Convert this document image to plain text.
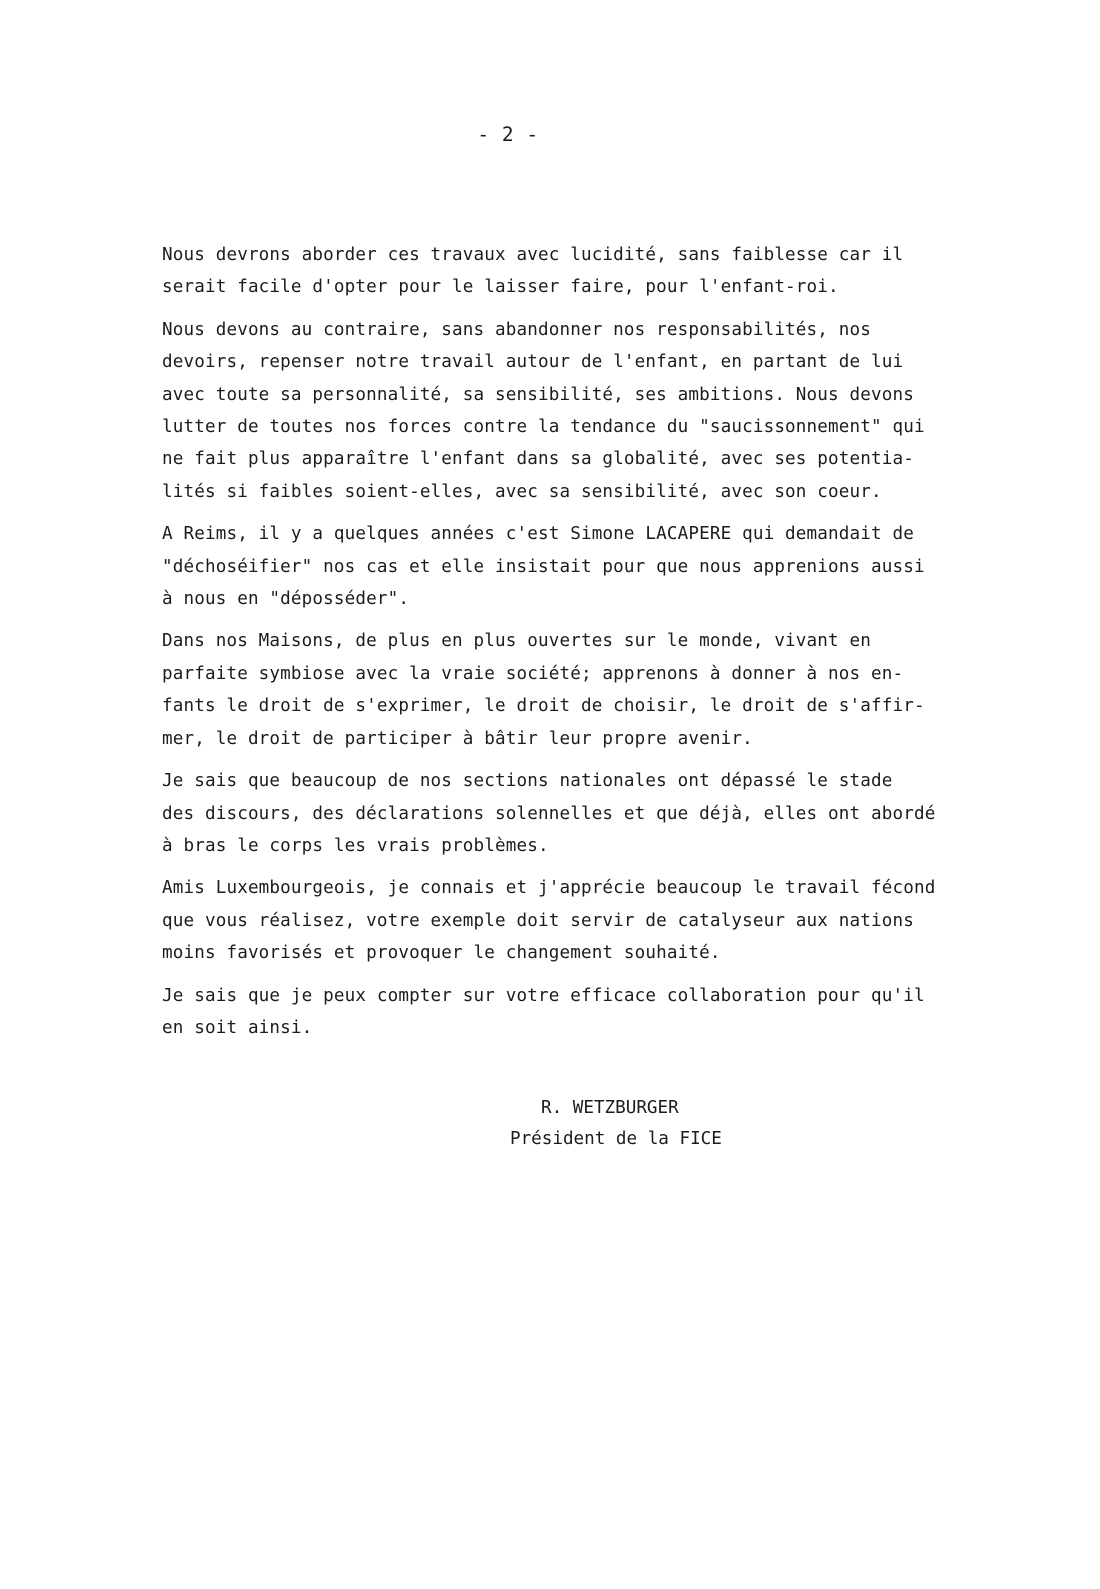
- 2 -

Nous devrons aborder ces travaux avec lucidité, sans faiblesse car il
serait facile d'opter pour le laisser faire, pour l'enfant-roi.

Nous devons au contraire, sans abandonner nos responsabilités, nos
devoirs, repenser notre travail autour de l'enfant, en partant de lui
avec toute sa personnalité, sa sensibilité, ses ambitions. Nous devons
lutter de toutes nos forces contre la tendance du "saucissonnement" qui
ne fait plus apparaître l'enfant dans sa globalité, avec ses potentia-
lités si faibles soient-elles, avec sa sensibilité, avec son coeur.

A Reims, il y a quelques années c'est Simone LACAPERE qui demandait de
"déchoséifier" nos cas et elle insistait pour que nous apprenions aussi
à nous en "déposséder".

Dans nos Maisons, de plus en plus ouvertes sur le monde, vivant en
parfaite symbiose avec la vraie société; apprenons à donner à nos en-
fants le droit de s'exprimer, le droit de choisir, le droit de s'affir-
mer, le droit de participer à bâtir leur propre avenir.

Je sais que beaucoup de nos sections nationales ont dépassé le stade
des discours, des déclarations solennelles et que déjà, elles ont abordé
à bras le corps les vrais problèmes.

Amis Luxembourgeois, je connais et j'apprécie beaucoup le travail fécond
que vous réalisez, votre exemple doit servir de catalyseur aux nations
moins favorisés et provoquer le changement souhaité.

Je sais que je peux compter sur votre efficace collaboration pour qu'il
en soit ainsi.

R. WETZBURGER
Président de la FICE
